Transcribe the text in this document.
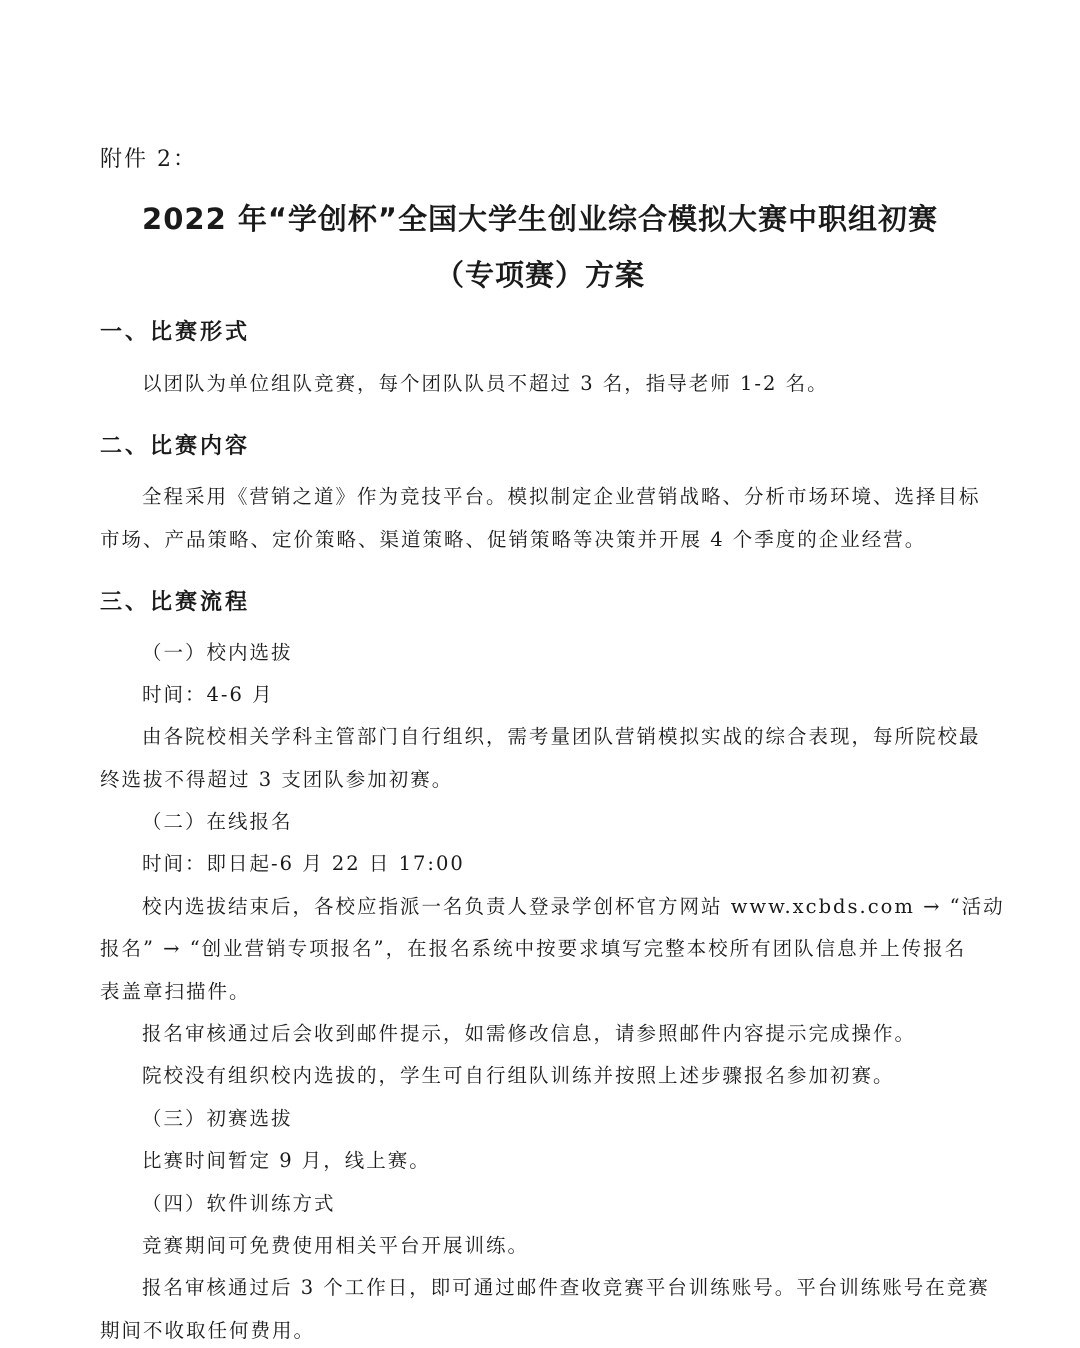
附件 2：
2022 年“学创杯”全国大学生创业综合模拟大赛中职组初赛
（专项赛）方案
一、比赛形式
以团队为单位组队竞赛，每个团队队员不超过 3 名，指导老师 1-2 名。
二、比赛内容
全程采用《营销之道》作为竞技平台。模拟制定企业营销战略、分析市场环境、选择目标
市场、产品策略、定价策略、渠道策略、促销策略等决策并开展 4 个季度的企业经营。
三、比赛流程
（一）校内选拔
时间：4-6 月
由各院校相关学科主管部门自行组织，需考量团队营销模拟实战的综合表现，每所院校最
终选拔不得超过 3 支团队参加初赛。
（二）在线报名
时间：即日起-6 月 22 日 17:00
校内选拔结束后，各校应指派一名负责人登录学创杯官方网站 www.xcbds.com → “活动
报名” → “创业营销专项报名”，在报名系统中按要求填写完整本校所有团队信息并上传报名
表盖章扫描件。
报名审核通过后会收到邮件提示，如需修改信息，请参照邮件内容提示完成操作。
院校没有组织校内选拔的，学生可自行组队训练并按照上述步骤报名参加初赛。
（三）初赛选拔
比赛时间暂定 9 月，线上赛。
（四）软件训练方式
竞赛期间可免费使用相关平台开展训练。
报名审核通过后 3 个工作日，即可通过邮件查收竞赛平台训练账号。平台训练账号在竞赛
期间不收取任何费用。
